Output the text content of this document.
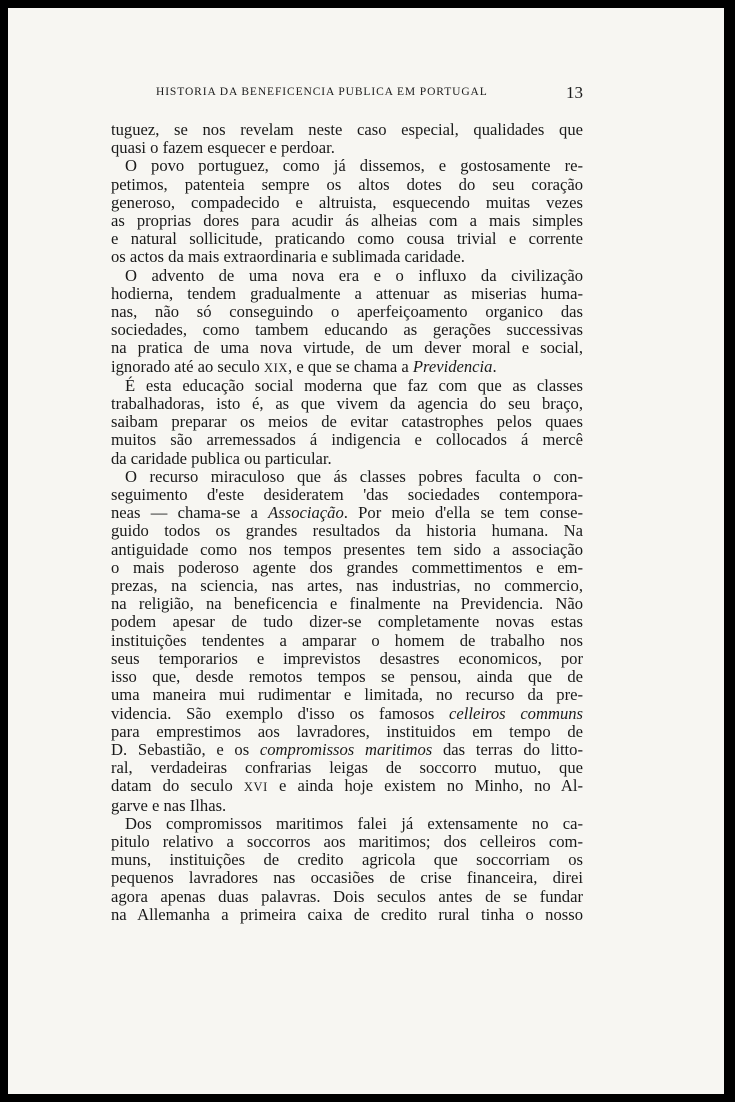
HISTORIA DA BENEFICENCIA PUBLICA EM PORTUGAL	13
tuguez, se nos revelam neste caso especial, qualidades que
quasi o fazem esquecer e perdoar.
O povo portuguez, como já dissemos, e gostosamente re-
petimos, patenteia sempre os altos dotes do seu coração
generoso, compadecido e altruista, esquecendo muitas vezes
as proprias dores para acudir ás alheias com a mais simples
e natural sollicitude, praticando como cousa trivial e corrente
os actos da mais extraordinaria e sublimada caridade.
O advento de uma nova era e o influxo da civilização
hodierna, tendem gradualmente a attenuar as miserias huma-
nas, não só conseguindo o aperfeiçoamento organico das
sociedades, como tambem educando as gerações successivas
na pratica de uma nova virtude, de um dever moral e social,
ignorado até ao seculo XIX, e que se chama a Previdencia.
É esta educação social moderna que faz com que as classes
trabalhadoras, isto é, as que vivem da agencia do seu braço,
saibam preparar os meios de evitar catastrophes pelos quaes
muitos são arremessados á indigencia e collocados á mercê
da caridade publica ou particular.
O recurso miraculoso que ás classes pobres faculta o con-
seguimento d'este desideratem 'das sociedades contempora-
neas — chama-se a Associação. Por meio d'ella se tem conse-
guido todos os grandes resultados da historia humana. Na
antiguidade como nos tempos presentes tem sido a associação
o mais poderoso agente dos grandes commettimentos e em-
prezas, na sciencia, nas artes, nas industrias, no commercio,
na religião, na beneficencia e finalmente na Previdencia. Não
podem apesar de tudo dizer-se completamente novas estas
instituições tendentes a amparar o homem de trabalho nos
seus temporarios e imprevistos desastres economicos, por
isso que, desde remotos tempos se pensou, ainda que de
uma maneira mui rudimentar e limitada, no recurso da pre-
videncia. São exemplo d'isso os famosos celleiros communs
para emprestimos aos lavradores, instituidos em tempo de
D. Sebastião, e os compromissos maritimos das terras do litto-
ral, verdadeiras confrarias leigas de soccorro mutuo, que
datam do seculo XVI e ainda hoje existem no Minho, no Al-
garve e nas Ilhas.
Dos compromissos maritimos falei já extensamente no ca-
pitulo relativo a soccorros aos maritimos; dos celleiros com-
muns, instituições de credito agricola que soccorriam os
pequenos lavradores nas occasiões de crise financeira, direi
agora apenas duas palavras. Dois seculos antes de se fundar
na Allemanha a primeira caixa de credito rural tinha o nosso
